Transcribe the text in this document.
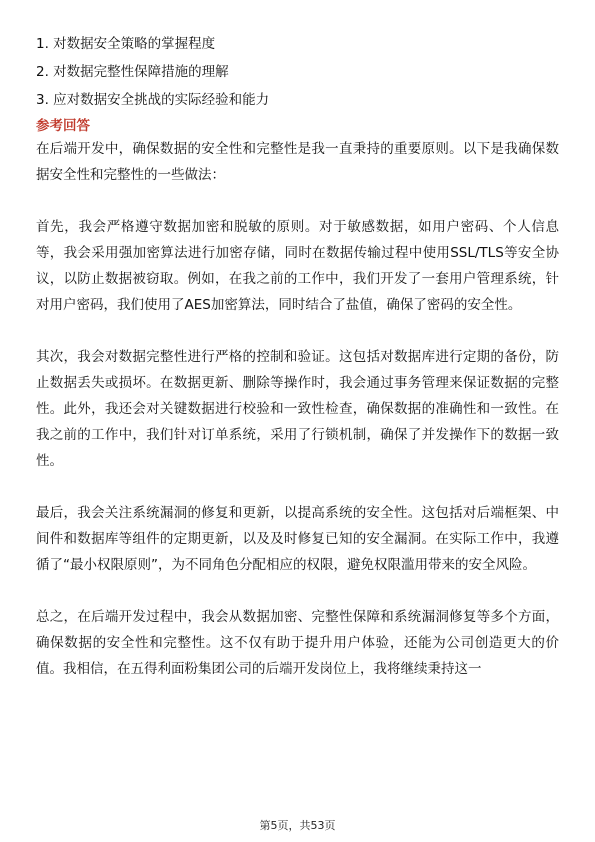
1. 对数据安全策略的掌握程度
2. 对数据完整性保障措施的理解
3. 应对数据安全挑战的实际经验和能力
参考回答

在后端开发中，确保数据的安全性和完整性是我一直秉持的重要原则。以下是我确保数据安全性和完整性的一些做法：

首先，我会严格遵守数据加密和脱敏的原则。对于敏感数据，如用户密码、个人信息等，我会采用强加密算法进行加密存储，同时在数据传输过程中使用SSL/TLS等安全协议，以防止数据被窃取。例如，在我之前的工作中，我们开发了一套用户管理系统，针对用户密码，我们使用了AES加密算法，同时结合了盐值，确保了密码的安全性。

其次，我会对数据完整性进行严格的控制和验证。这包括对数据库进行定期的备份，防止数据丢失或损坏。在数据更新、删除等操作时，我会通过事务管理来保证数据的完整性。此外，我还会对关键数据进行校验和一致性检查，确保数据的准确性和一致性。在我之前的工作中，我们针对订单系统，采用了行锁机制，确保了并发操作下的数据一致性。

最后，我会关注系统漏洞的修复和更新，以提高系统的安全性。这包括对后端框架、中间件和数据库等组件的定期更新，以及及时修复已知的安全漏洞。在实际工作中，我遵循了“最小权限原则”，为不同角色分配相应的权限，避免权限滥用带来的安全风险。

总之，在后端开发过程中，我会从数据加密、完整性保障和系统漏洞修复等多个方面，确保数据的安全性和完整性。这不仅有助于提升用户体验，还能为公司创造更大的价值。我相信，在五得利面粉集团公司的后端开发岗位上，我将继续秉持这一

第5页，共53页
